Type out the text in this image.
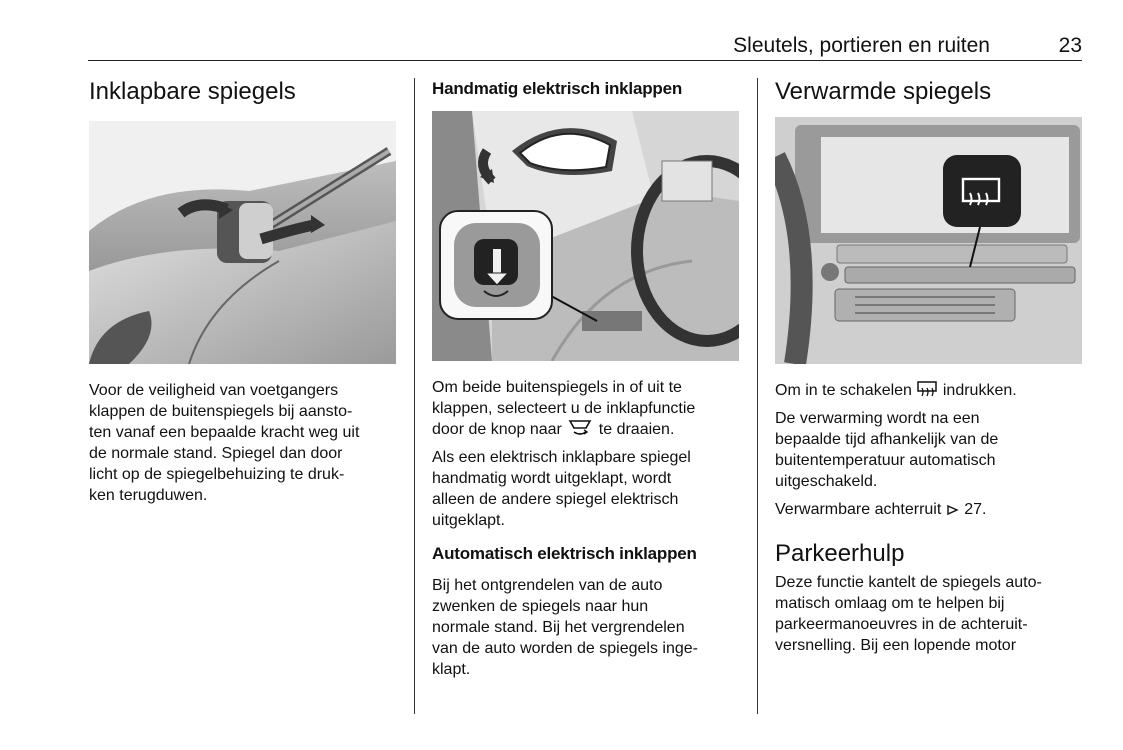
Sleutels, portieren en ruiten	23
Inklapbare spiegels

Voor de veiligheid van voetgangers

klappen de buitenspiegels bij aansto-

ten vanaf een bepaalde kracht weg uit

de normale stand. Spiegel dan door

licht op de spiegelbehuizing te druk-

ken terugduwen.

Handmatig elektrisch inklappen

Om beide buitenspiegels in of uit te

klappen, selecteert u de inklapfunctie

door de knop naar te draaien.

Als een elektrisch inklapbare spiegel

handmatig wordt uitgeklapt, wordt

alleen de andere spiegel elektrisch

uitgeklapt.

Automatisch elektrisch inklappen

Bij het ontgrendelen van de auto

zwenken de spiegels naar hun

normale stand. Bij het vergrendelen

van de auto worden de spiegels inge-

klapt.

Verwarmde spiegels

Om in te schakelen indrukken.

De verwarming wordt na een

bepaalde tijd afhankelijk van de

buitentemperatuur automatisch

uitgeschakeld.

Verwarmbare achterruit 27.

Parkeerhulp

Deze functie kantelt de spiegels auto-

matisch omlaag om te helpen bij

parkeermanoeuvres in de achteruit-

versnelling. Bij een lopende motor
